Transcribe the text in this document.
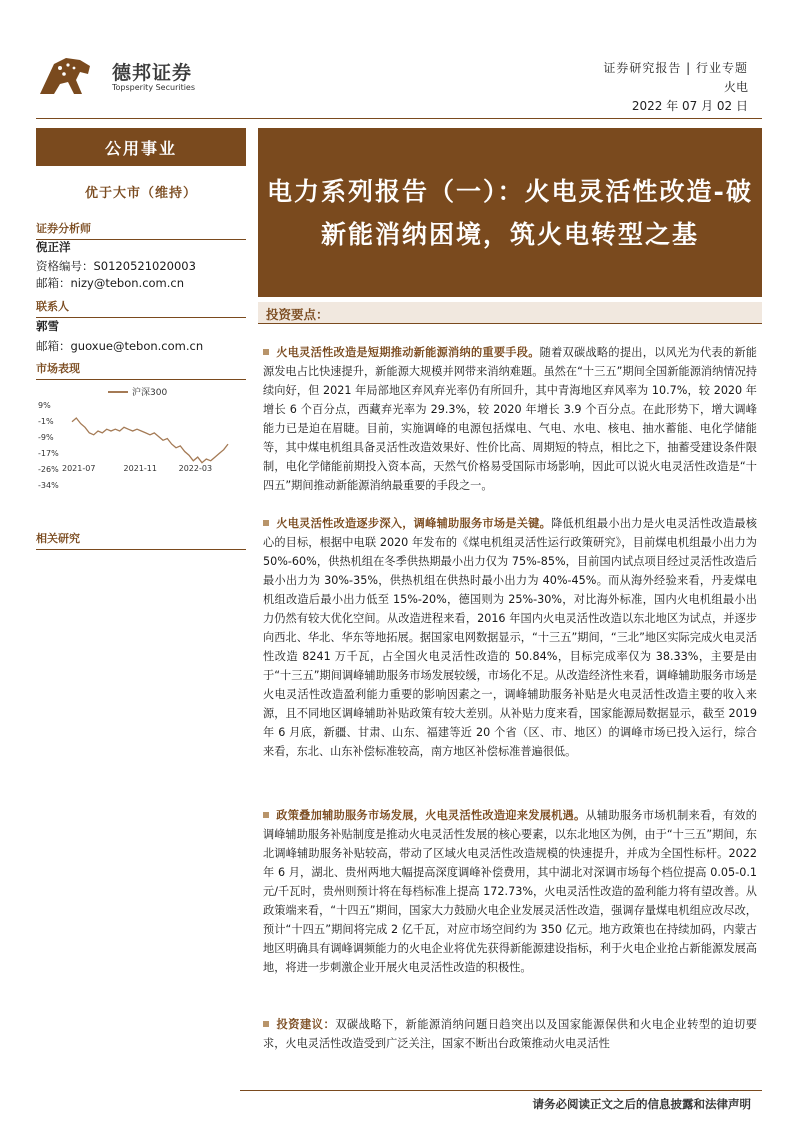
德邦证券
Topsperity Securities
证券研究报告 | 行业专题
火电
2022 年 07 月 02 日
公用事业
优于大市（维持）
证券分析师
倪正洋
资格编号：S0120521020003
邮箱：nizy@tebon.com.cn
联系人
郭雪
邮箱：guoxue@tebon.com.cn
市场表现
9%
-1%
-9%
-17%
-26%
-34%
2021-07	2021-11	2022-03
沪深300
相关研究
电力系列报告（一）：火电灵活性改造-破新能消纳困境，筑火电转型之基
投资要点：
火电灵活性改造是短期推动新能源消纳的重要手段。随着双碳战略的提出，以风光为代表的新能源发电占比快速提升，新能源大规模并网带来消纳难题。虽然在“十三五”期间全国新能源消纳情况持续向好，但 2021 年局部地区弃风弃光率仍有所回升，其中青海地区弃风率为 10.7%，较 2020 年增长 6 个百分点，西藏弃光率为 29.3%，较 2020 年增长 3.9 个百分点。在此形势下，增大调峰能力已是迫在眉睫。目前，实施调峰的电源包括煤电、气电、水电、核电、抽水蓄能、电化学储能等，其中煤电机组具备灵活性改造效果好、性价比高、周期短的特点，相比之下，抽蓄受建设条件限制，电化学储能前期投入资本高，天然气价格易受国际市场影响，因此可以说火电灵活性改造是“十四五”期间推动新能源消纳最重要的手段之一。
火电灵活性改造逐步深入，调峰辅助服务市场是关键。降低机组最小出力是火电灵活性改造最核心的目标，根据中电联 2020 年发布的《煤电机组灵活性运行政策研究》，目前煤电机组最小出力为 50%-60%，供热机组在冬季供热期最小出力仅为 75%-85%，目前国内试点项目经过灵活性改造后最小出力为 30%-35%，供热机组在供热时最小出力为 40%-45%。而从海外经验来看，丹麦煤电机组改造后最小出力低至 15%-20%，德国则为 25%-30%，对比海外标准，国内火电机组最小出力仍然有较大优化空间。从改造进程来看，2016 年国内火电灵活性改造以东北地区为试点，并逐步向西北、华北、华东等地拓展。据国家电网数据显示，“十三五”期间，“三北”地区实际完成火电灵活性改造 8241 万千瓦，占全国火电灵活性改造的 50.84%，目标完成率仅为 38.33%，主要是由于“十三五”期间调峰辅助服务市场发展较缓，市场化不足。从改造经济性来看，调峰辅助服务市场是火电灵活性改造盈利能力重要的影响因素之一，调峰辅助服务补贴是火电灵活性改造主要的收入来源，且不同地区调峰辅助补贴政策有较大差别。从补贴力度来看，国家能源局数据显示，截至 2019 年 6 月底，新疆、甘肃、山东、福建等近 20 个省（区、市、地区）的调峰市场已投入运行，综合来看，东北、山东补偿标准较高，南方地区补偿标准普遍很低。
政策叠加辅助服务市场发展，火电灵活性改造迎来发展机遇。从辅助服务市场机制来看，有效的调峰辅助服务补贴制度是推动火电灵活性发展的核心要素，以东北地区为例，由于“十三五”期间，东北调峰辅助服务补贴较高，带动了区域火电灵活性改造规模的快速提升，并成为全国性标杆。2022 年 6 月，湖北、贵州两地大幅提高深度调峰补偿费用，其中湖北对深调市场每个档位提高 0.05-0.1 元/千瓦时，贵州则预计将在每档标准上提高 172.73%，火电灵活性改造的盈利能力将有望改善。从政策端来看，“十四五”期间，国家大力鼓励火电企业发展灵活性改造，强调存量煤电机组应改尽改，预计“十四五”期间将完成 2 亿千瓦，对应市场空间约为 350 亿元。地方政策也在持续加码，内蒙古地区明确具有调峰调频能力的火电企业将优先获得新能源建设指标，利于火电企业抢占新能源发展高地，将进一步刺激企业开展火电灵活性改造的积极性。
投资建议：双碳战略下，新能源消纳问题日趋突出以及国家能源保供和火电企业转型的迫切要求，火电灵活性改造受到广泛关注，国家不断出台政策推动火电灵活性
请务必阅读正文之后的信息披露和法律声明
